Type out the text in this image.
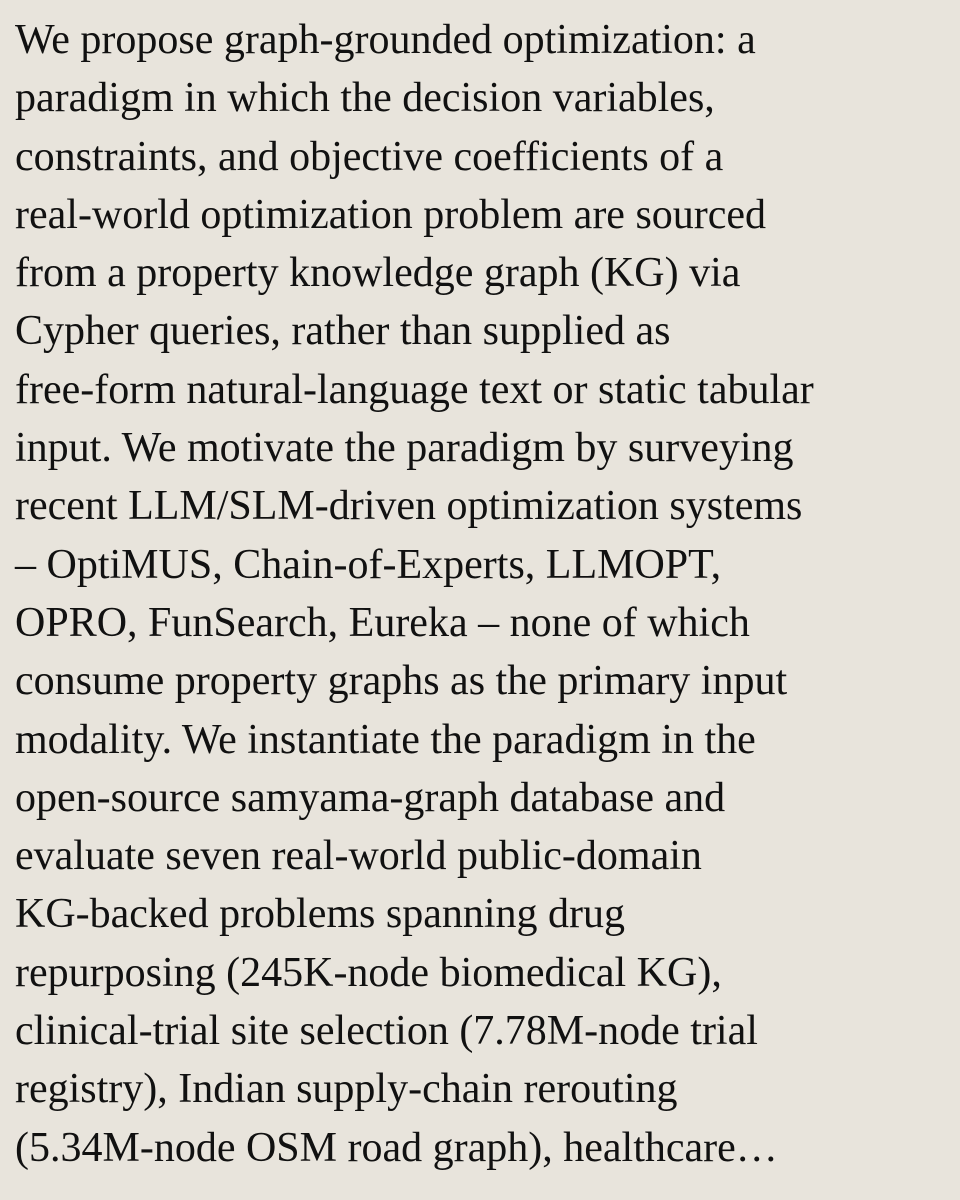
We propose graph-grounded optimization: a
paradigm in which the decision variables,
constraints, and objective coefficients of a
real-world optimization problem are sourced
from a property knowledge graph (KG) via
Cypher queries, rather than supplied as
free-form natural-language text or static tabular
input. We motivate the paradigm by surveying
recent LLM/SLM-driven optimization systems
– OptiMUS, Chain-of-Experts, LLMOPT,
OPRO, FunSearch, Eureka – none of which
consume property graphs as the primary input
modality. We instantiate the paradigm in the
open-source samyama-graph database and
evaluate seven real-world public-domain
KG-backed problems spanning drug
repurposing (245K-node biomedical KG),
clinical-trial site selection (7.78M-node trial
registry), Indian supply-chain rerouting
(5.34M-node OSM road graph), healthcare…
